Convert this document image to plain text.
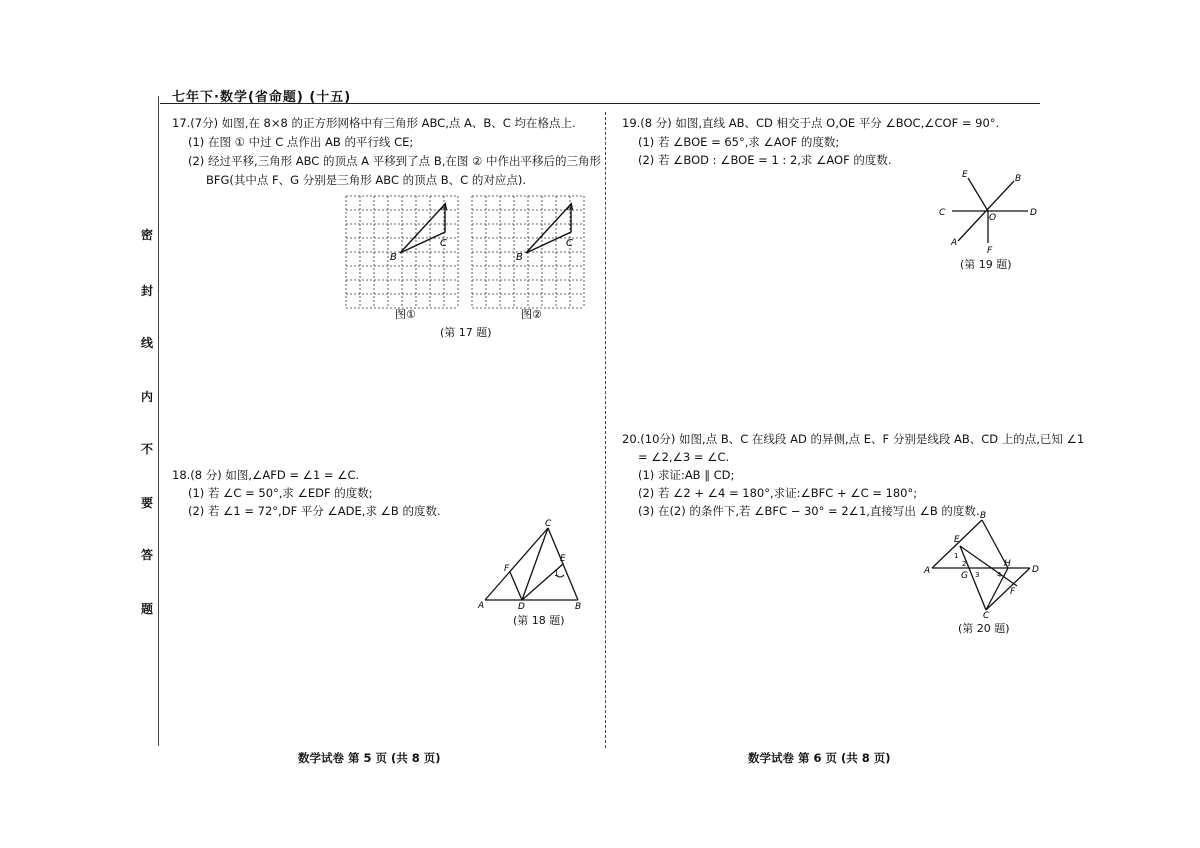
七年下·数学(省命题) (十五)
密
封
线
内
不
要
答
题
17.(7分) 如图,在 8×8 的正方形网格中有三角形 ABC,点 A、B、C 均在格点上.
(1) 在图 ① 中过 C 点作出 AB 的平行线 CE;
(2) 经过平移,三角形 ABC 的顶点 A 平移到了点 B,在图 ② 中作出平移后的三角形
BFG(其中点 F、G 分别是三角形 ABC 的顶点 B、C 的对应点).
A
B
C
A
B
C
图①	图②
(第 17 题)
18.(8 分) 如图,∠AFD = ∠1 = ∠C.
(1) 若 ∠C = 50°,求 ∠EDF 的度数;
(2) 若 ∠1 = 72°,DF 平分 ∠ADE,求 ∠B 的度数.
C
E
F
A	D	B
1
(第 18 题)
19.(8 分) 如图,直线 AB、CD 相交于点 O,OE 平分 ∠BOC,∠COF = 90°.
(1) 若 ∠BOE = 65°,求 ∠AOF 的度数;
(2) 若 ∠BOD : ∠BOE = 1 : 2,求 ∠AOF 的度数.
E	B
C	D
O
A
F
(第 19 题)
20.(10分) 如图,点 B、C 在线段 AD 的异侧,点 E、F 分别是线段 AB、CD 上的点,已知 ∠1
= ∠2,∠3 = ∠C.
(1) 求证:AB ∥ CD;
(2) 若 ∠2 + ∠4 = 180°,求证:∠BFC + ∠C = 180°;
(3) 在(2) 的条件下,若 ∠BFC − 30° = 2∠1,直接写出 ∠B 的度数. B
E
A	G
H
D
F
C
1
2
3	4
(第 20 题)
数学试卷 第 5 页 (共 8 页)	数学试卷 第 6 页 (共 8 页)
